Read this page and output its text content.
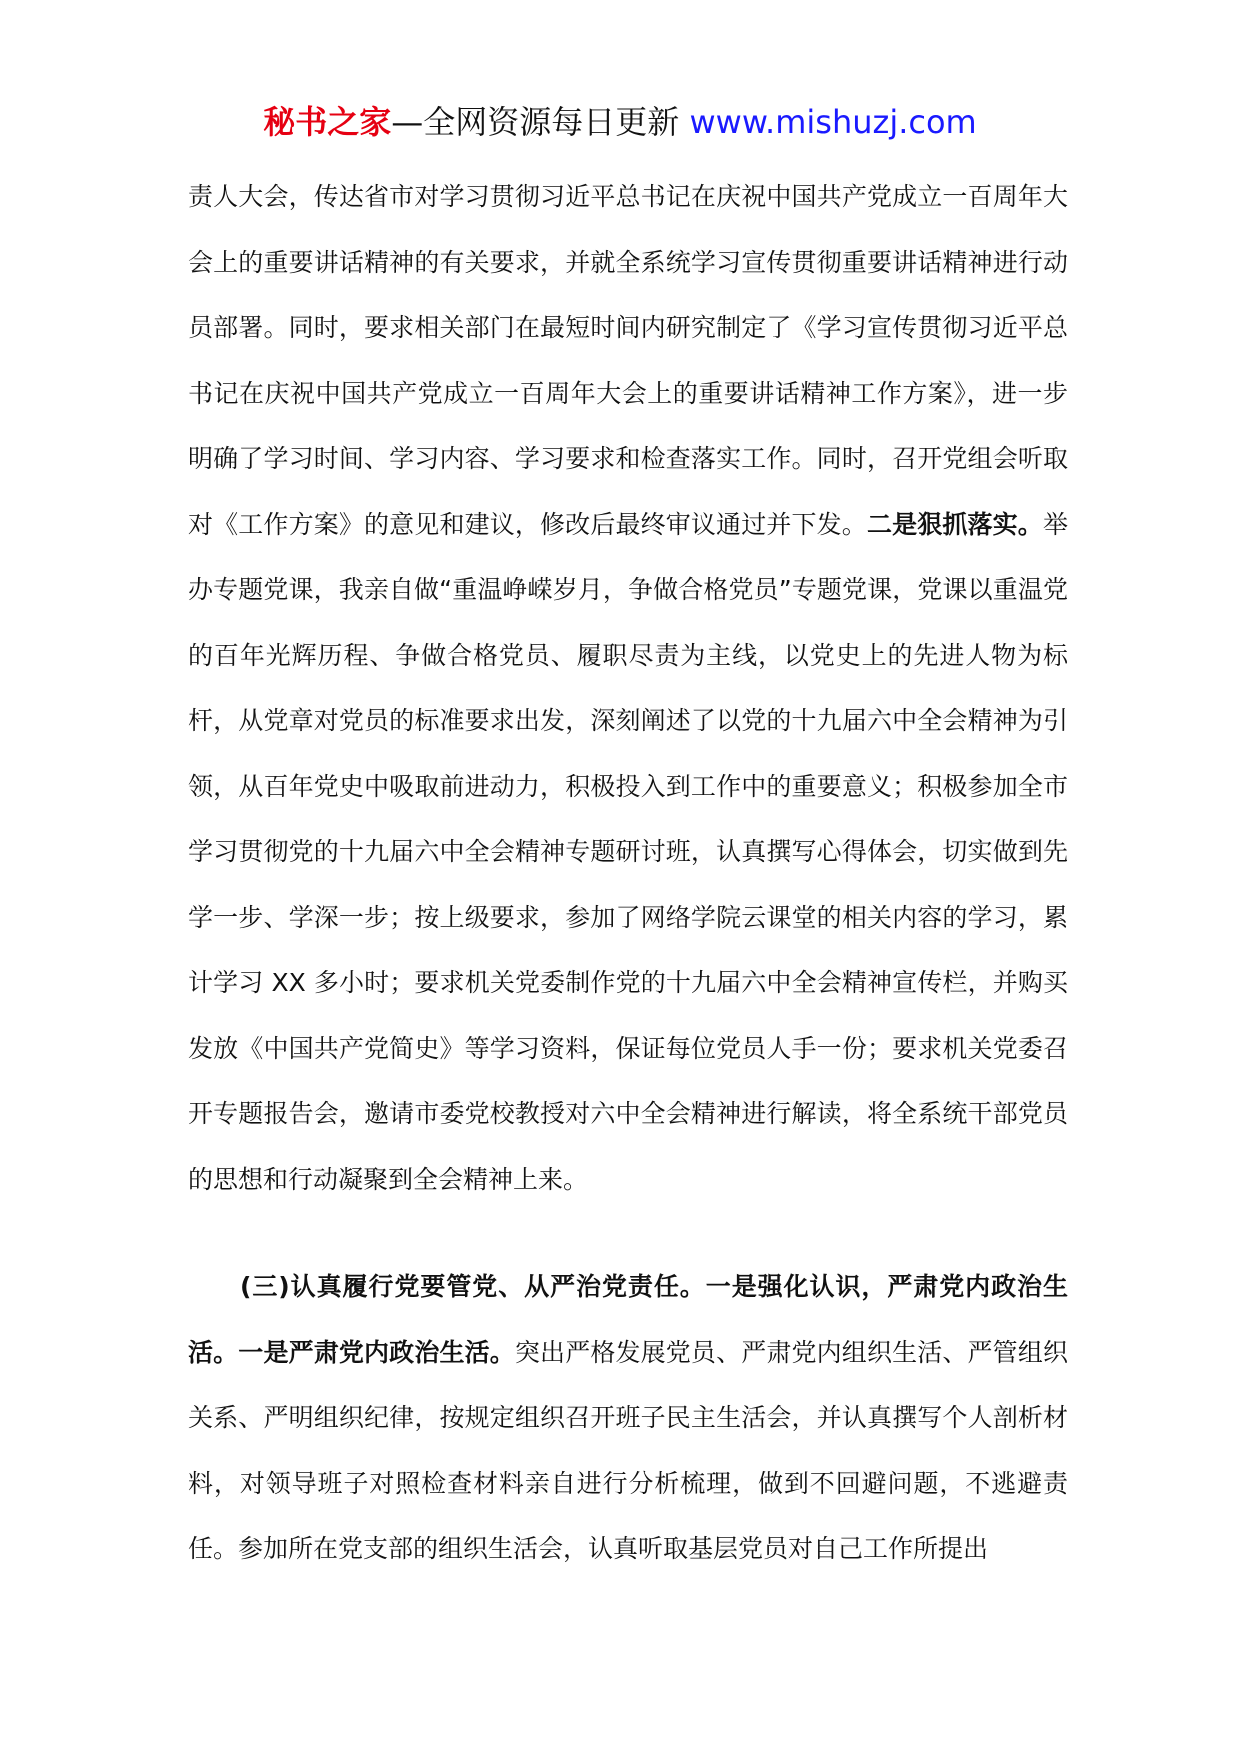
秘书之家—全网资源每日更新 www.mishuzj.com

责人大会，传达省市对学习贯彻习近平总书记在庆祝中国共产党成立一百周年大会上的重要讲话精神的有关要求，并就全系统学习宣传贯彻重要讲话精神进行动员部署。同时，要求相关部门在最短时间内研究制定了《学习宣传贯彻习近平总书记在庆祝中国共产党成立一百周年大会上的重要讲话精神工作方案》，进一步明确了学习时间、学习内容、学习要求和检查落实工作。同时，召开党组会听取对《工作方案》的意见和建议，修改后最终审议通过并下发。二是狠抓落实。举办专题党课，我亲自做“重温峥嵘岁月，争做合格党员”专题党课，党课以重温党的百年光辉历程、争做合格党员、履职尽责为主线，以党史上的先进人物为标杆，从党章对党员的标准要求出发，深刻阐述了以党的十九届六中全会精神为引领，从百年党史中吸取前进动力，积极投入到工作中的重要意义；积极参加全市学习贯彻党的十九届六中全会精神专题研讨班，认真撰写心得体会，切实做到先学一步、学深一步；按上级要求，参加了网络学院云课堂的相关内容的学习，累计学习 XX 多小时；要求机关党委制作党的十九届六中全会精神宣传栏，并购买发放《中国共产党简史》等学习资料，保证每位党员人手一份；要求机关党委召开专题报告会，邀请市委党校教授对六中全会精神进行解读，将全系统干部党员的思想和行动凝聚到全会精神上来。

(三)认真履行党要管党、从严治党责任。一是强化认识，严肃党内政治生活。一是严肃党内政治生活。突出严格发展党员、严肃党内组织生活、严管组织关系、严明组织纪律，按规定组织召开班子民主生活会，并认真撰写个人剖析材料，对领导班子对照检查材料亲自进行分析梳理，做到不回避问题，不逃避责任。参加所在党支部的组织生活会，认真听取基层党员对自己工作所提出
